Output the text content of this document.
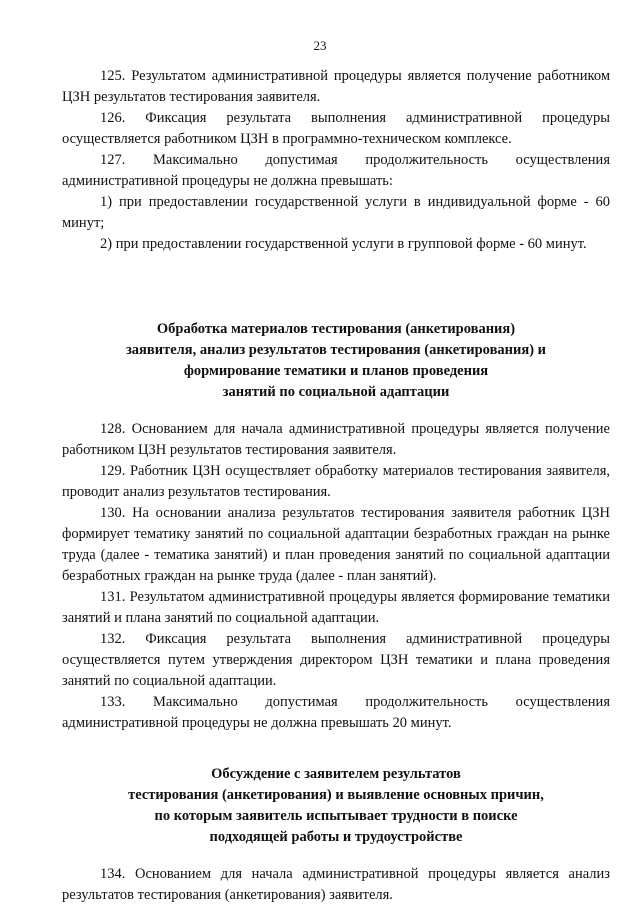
23

125. Результатом административной процедуры является получение работником ЦЗН результатов тестирования заявителя.

126. Фиксация результата выполнения административной процедуры осуществляется работником ЦЗН в программно-техническом комплексе.

127. Максимально допустимая продолжительность осуществления административной процедуры не должна превышать:

1) при предоставлении государственной услуги в индивидуальной форме - 60 минут;

2) при предоставлении государственной услуги в групповой форме - 60 минут.

Обработка материалов тестирования (анкетирования)

заявителя, анализ результатов тестирования (анкетирования) и

формирование тематики и планов проведения

занятий по социальной адаптации

128. Основанием для начала административной процедуры является получение работником ЦЗН результатов тестирования заявителя.

129. Работник ЦЗН осуществляет обработку материалов тестирования заявителя, проводит анализ результатов тестирования.

130. На основании анализа результатов тестирования заявителя работник ЦЗН формирует тематику занятий по социальной адаптации безработных граждан на рынке труда (далее - тематика занятий) и план проведения занятий по социальной адаптации безработных граждан на рынке труда (далее - план занятий).

131. Результатом административной процедуры является формирование тематики занятий и плана занятий по социальной адаптации.

132. Фиксация результата выполнения административной процедуры осуществляется путем утверждения директором ЦЗН тематики и плана проведения занятий по социальной адаптации.

133. Максимально допустимая продолжительность осуществления административной процедуры не должна превышать 20 минут.

Обсуждение с заявителем результатов

тестирования (анкетирования) и выявление основных причин,

по которым заявитель испытывает трудности в поиске

подходящей работы и трудоустройстве

134. Основанием для начала административной процедуры является анализ результатов тестирования (анкетирования) заявителя.
